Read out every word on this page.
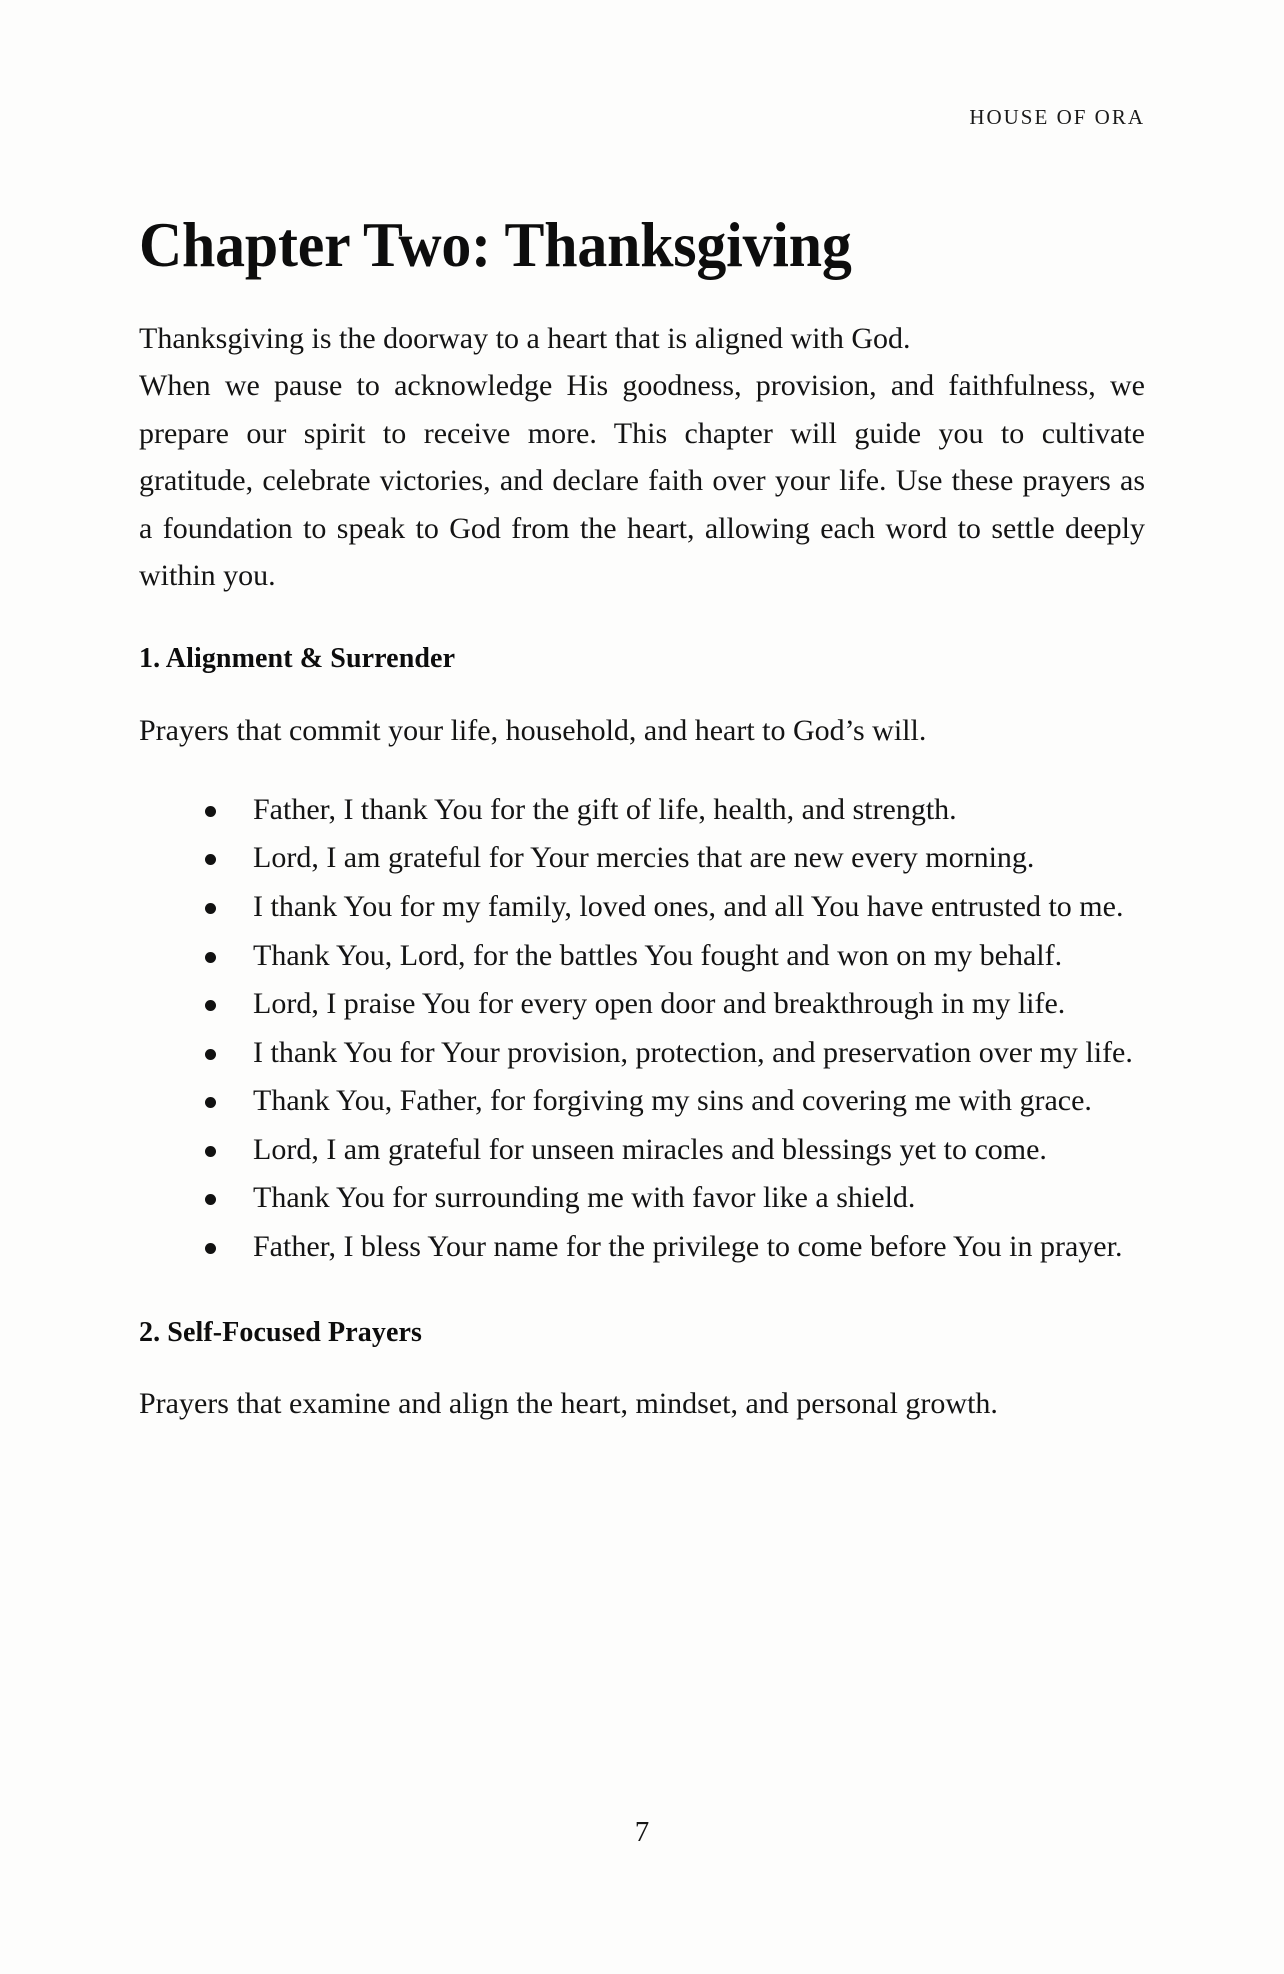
HOUSE OF ORA
Chapter Two: Thanksgiving
Thanksgiving is the doorway to a heart that is aligned with God.
When we pause to acknowledge His goodness, provision, and faithfulness, we prepare our spirit to receive more. This chapter will guide you to cultivate gratitude, celebrate victories, and declare faith over your life. Use these prayers as a foundation to speak to God from the heart, allowing each word to settle deeply within you.
1. Alignment & Surrender

Prayers that commit your life, household, and heart to God’s will.

Father, I thank You for the gift of life, health, and strength.
Lord, I am grateful for Your mercies that are new every morning.
I thank You for my family, loved ones, and all You have entrusted to me.
Thank You, Lord, for the battles You fought and won on my behalf.
Lord, I praise You for every open door and breakthrough in my life.
I thank You for Your provision, protection, and preservation over my life.
Thank You, Father, for forgiving my sins and covering me with grace.
Lord, I am grateful for unseen miracles and blessings yet to come.
Thank You for surrounding me with favor like a shield.
Father, I bless Your name for the privilege to come before You in prayer.
2. Self-Focused Prayers

Prayers that examine and align the heart, mindset, and personal growth.

7
